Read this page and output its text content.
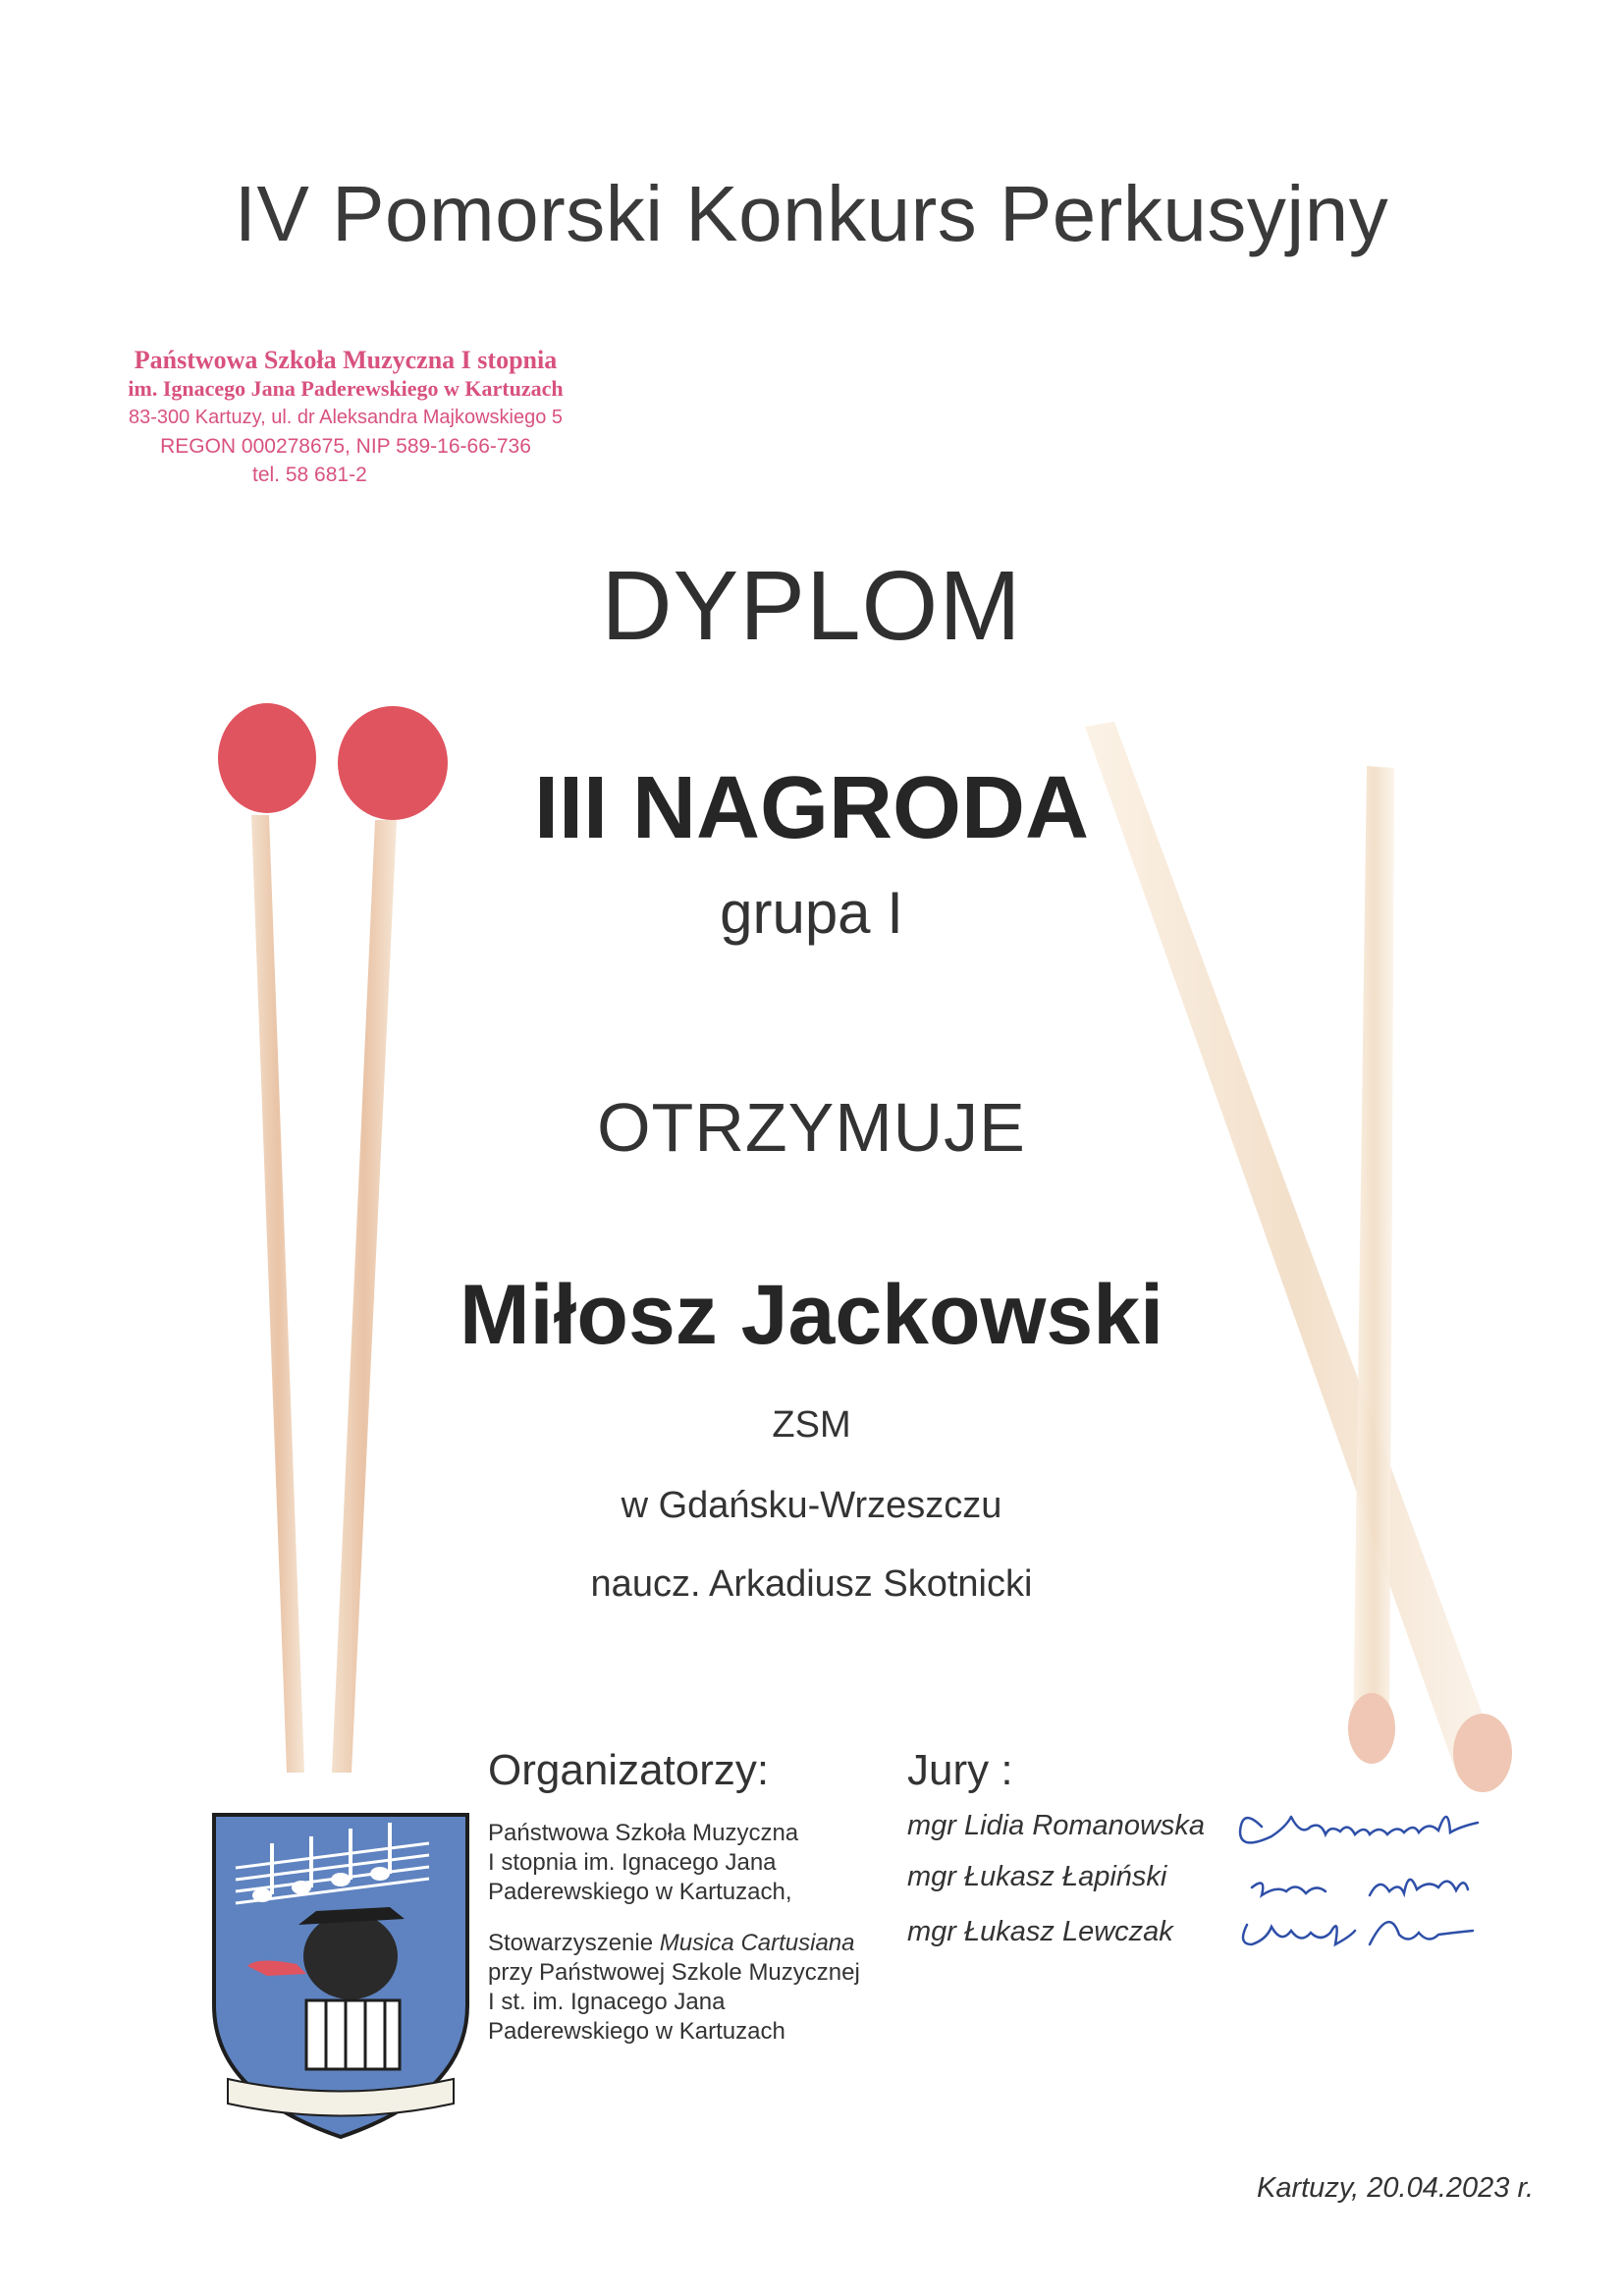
IV Pomorski Konkurs Perkusyjny
Państwowa Szkoła Muzyczna I stopnia
im. Ignacego Jana Paderewskiego w Kartuzach
83-300 Kartuzy, ul. dr Aleksandra Majkowskiego 5
REGON 000278675, NIP 589-16-66-736
tel. 58 681-2
DYPLOM
III NAGRODA
grupa I
OTRZYMUJE
Miłosz Jackowski
ZSM
w Gdańsku-Wrzeszczu
naucz. Arkadiusz Skotnicki
Organizatorzy:
Państwowa Szkoła Muzyczna
I stopnia im. Ignacego Jana
Paderewskiego w Kartuzach,
Stowarzyszenie Musica Cartusiana
przy Państwowej Szkole Muzycznej
I st. im. Ignacego Jana
Paderewskiego w Kartuzach
Jury :
mgr Lidia Romanowska
mgr Łukasz Łapiński
mgr Łukasz Lewczak
Kartuzy, 20.04.2023 r.
